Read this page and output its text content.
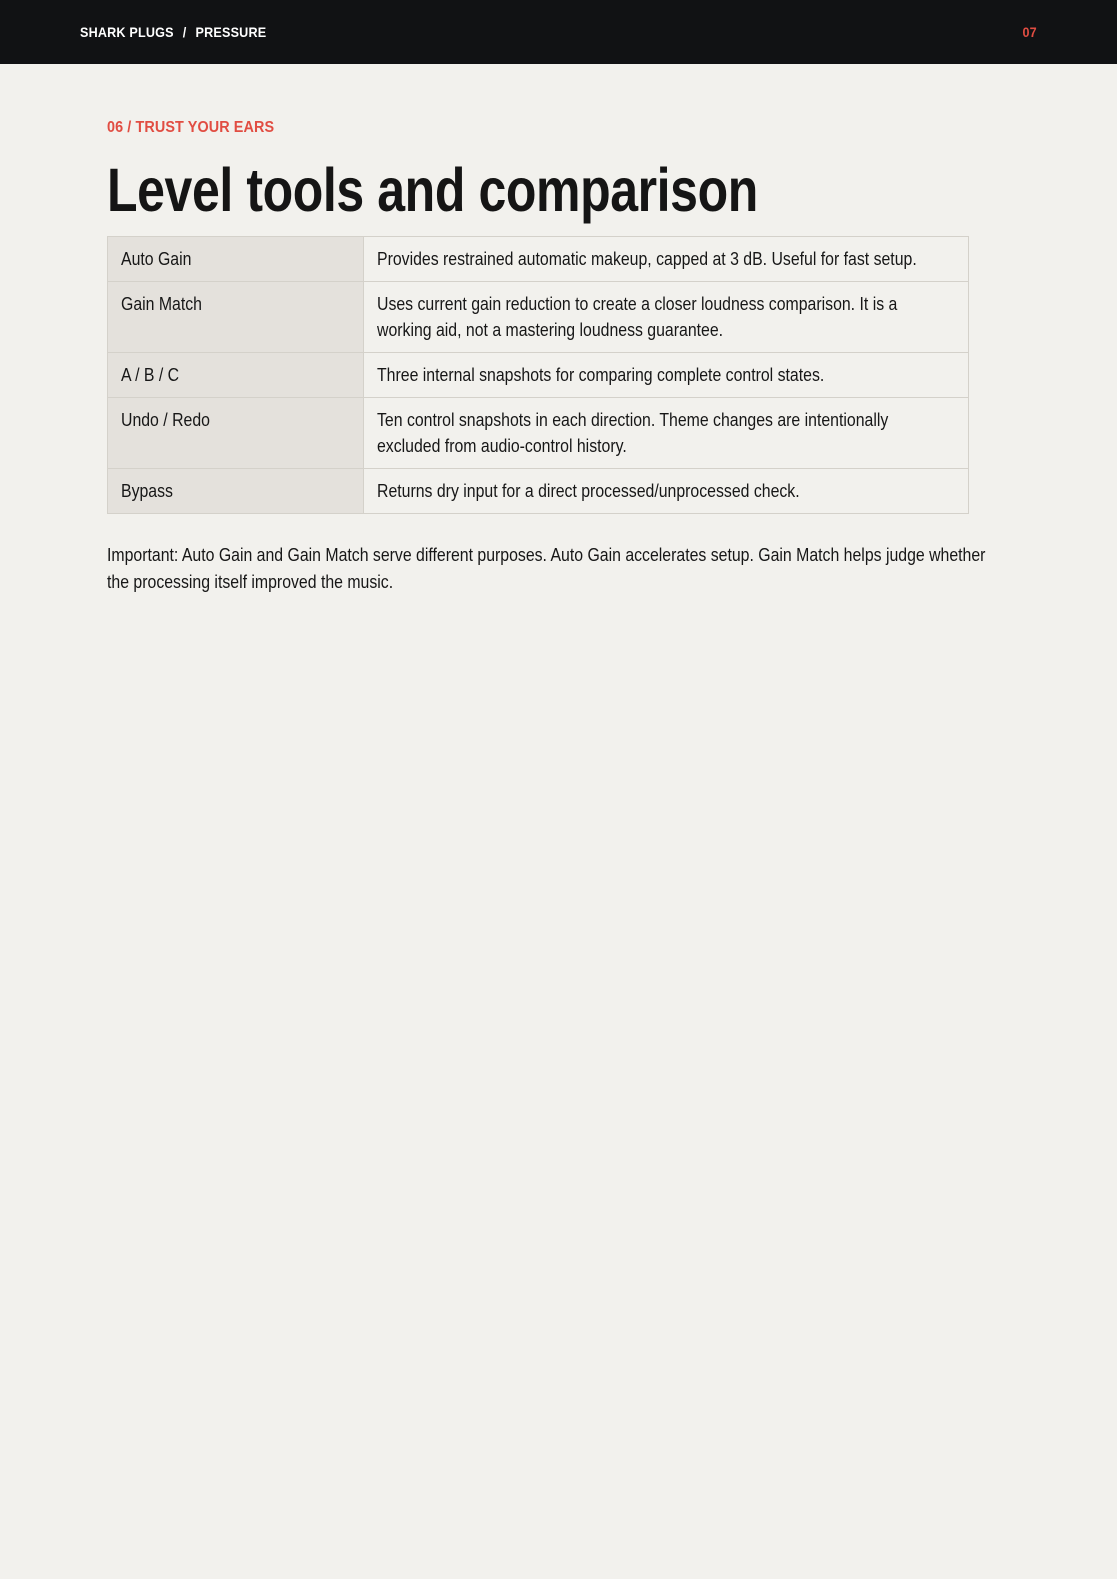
SHARK PLUGS / PRESSURE	07

06 / TRUST YOUR EARS

Level tools and comparison
Auto Gain	Provides restrained automatic makeup, capped at 3 dB. Useful for fast setup.

Gain Match	Uses current gain reduction to create a closer loudness comparison. It is a working aid, not a mastering loudness guarantee.

A / B / C	Three internal snapshots for comparing complete control states.

Undo / Redo	Ten control snapshots in each direction. Theme changes are intentionally excluded from audio-control history.

Bypass	Returns dry input for a direct processed/unprocessed check.

Important: Auto Gain and Gain Match serve different purposes. Auto Gain accelerates setup. Gain Match helps judge whether the processing itself improved the music.
